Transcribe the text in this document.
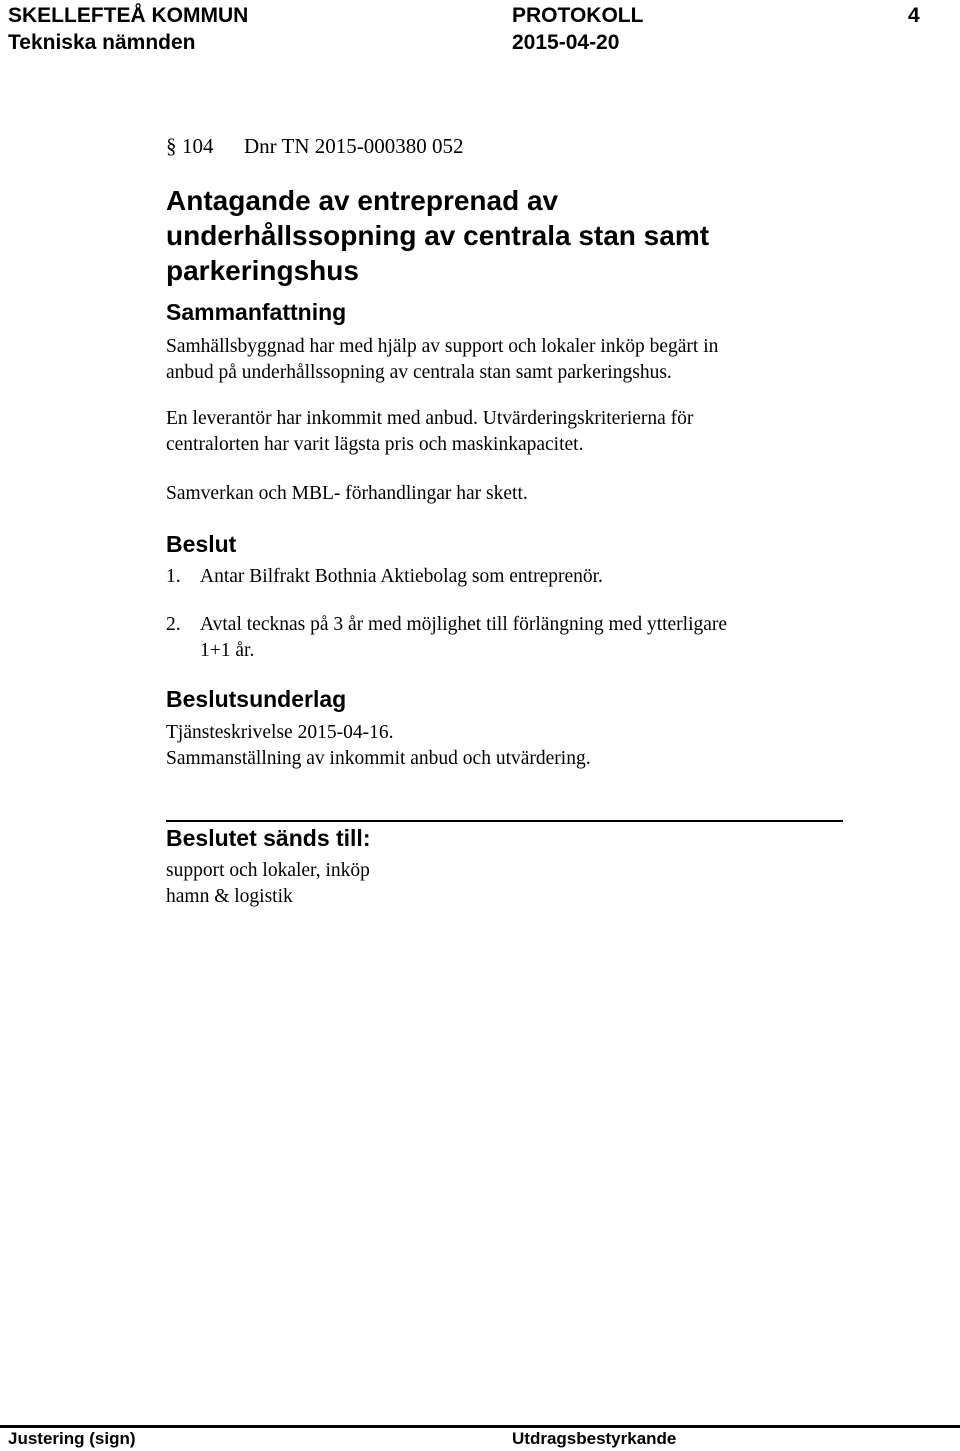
SKELLEFTEÅ KOMMUN
Tekniska nämnden
PROTOKOLL
2015-04-20
4
§ 104 Dnr TN 2015-000380 052
Antagande av entreprenad av
underhållssopning av centrala stan samt
parkeringshus
Sammanfattning
Samhällsbyggnad har med hjälp av support och lokaler inköp begärt in
anbud på underhållssopning av centrala stan samt parkeringshus.
En leverantör har inkommit med anbud. Utvärderingskriterierna för
centralorten har varit lägsta pris och maskinkapacitet.
Samverkan och MBL- förhandlingar har skett.
Beslut
1. Antar Bilfrakt Bothnia Aktiebolag som entreprenör.
2. Avtal tecknas på 3 år med möjlighet till förlängning med ytterligare
1+1 år.
Beslutsunderlag
Tjänsteskrivelse 2015-04-16.
Sammanställning av inkommit anbud och utvärdering.
Beslutet sänds till:
support och lokaler, inköp
hamn & logistik
Justering (sign)	Utdragsbestyrkande
